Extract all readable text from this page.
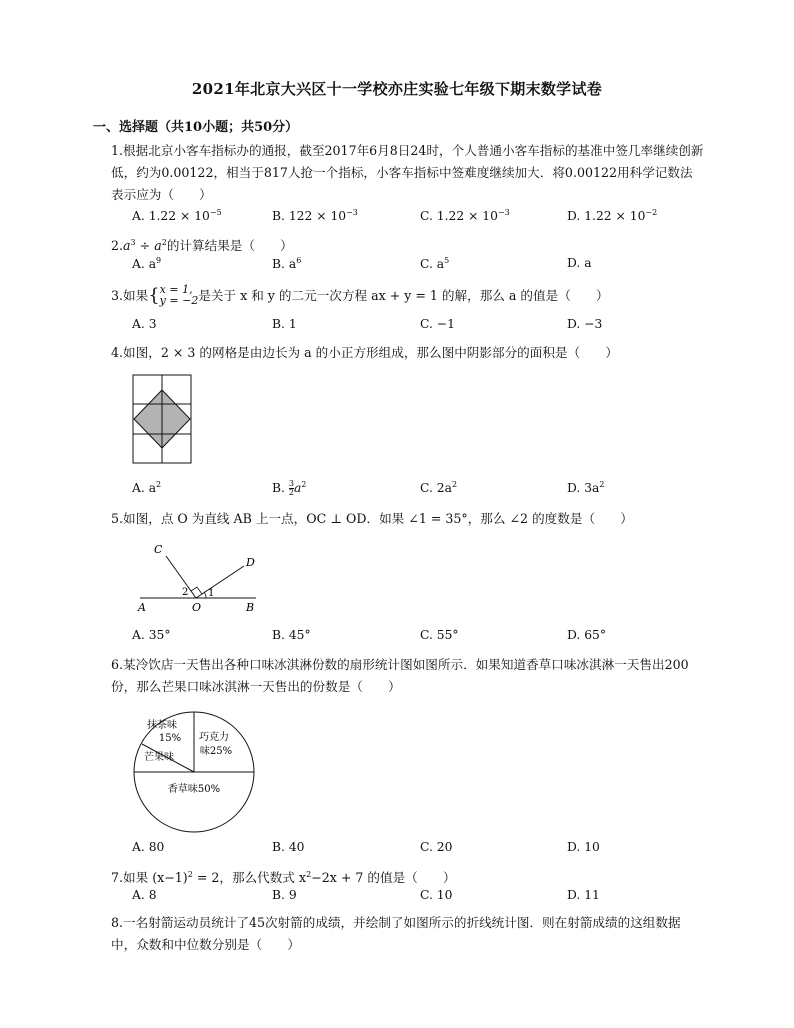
2021年北京大兴区十一学校亦庄实验七年级下期末数学试卷
一、选择题（共10小题；共50分）
1.根据北京小客车指标办的通报，截至2017年6月8日24时，个人普通小客车指标的基准中签几率继续创新低，约为0.00122，相当于817人抢一个指标，小客车指标中签难度继续加大．将0.00122用科学记数法表示应为（　　）
A. $1.22 \times 10^{-5}$	B. $122 \times 10^{-3}$	C. $1.22 \times 10^{-3}$	D. $1.22 \times 10^{-2}$
$2.a^3 \div a^2$的计算结果是（　　）
A. $a^9$	B. $a^6$	C. $a^5$	D. a
3.如果{x = 1,
y = −2是关于 x 和 y 的二元一次方程 ax + y = 1 的解，那么 a 的值是（　　）
A. 3	B. 1	C. −1	D. −3
4.如图，2 × 3 的网格是由边长为 a 的小正方形组成，那么图中阴影部分的面积是（　　）
A. $a^2$	B. $\frac{3}{2} a^2$	C. $2a^2$	D. $3a^2$
5.如图，点 O 为直线 AB 上一点，OC ⊥ OD．如果 ∠1 = 35°，那么 ∠2 的度数是（　　）
C
D
A	O	B
1
2
A. 35°	B. 45°	C. 55°	D. 65°
6.某冷饮店一天售出各种口味冰淇淋份数的扇形统计图如图所示．如果知道香草口味冰淇淋一天售出200份，那么芒果口味冰淇淋一天售出的份数是（　　）
抹茶味
15% 巧克力
味25%
芒果味
香草味50%
A. 80	B. 40	C. 20	D. 10
7.如果 $(x-1)^2 = 2$，那么代数式 $x^2-2x + 7$ 的值是（　　）
A. 8	B. 9	C. 10	D. 11
8.一名射箭运动员统计了45次射箭的成绩，并绘制了如图所示的折线统计图．则在射箭成绩的这组数据中，众数和中位数分别是（　　）
